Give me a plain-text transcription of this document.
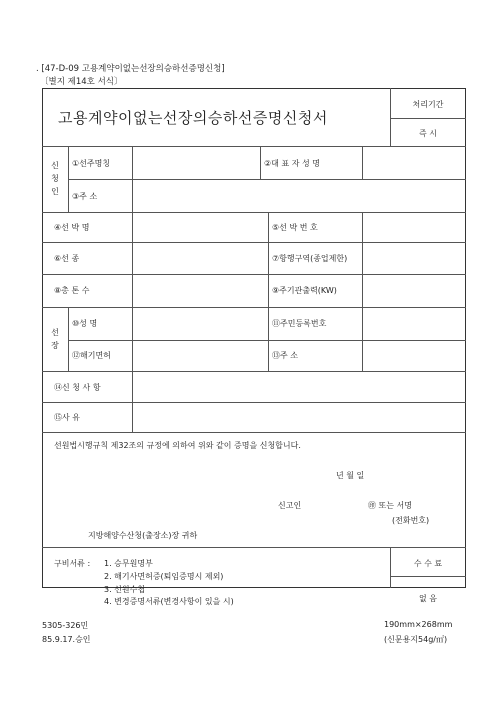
. [47-D-09 고용계약이없는선장의승하선증명신청]
〔별지 제14호 서식〕
고용계약이없는선장의승하선증명신청서
처리기간
즉 시
신청인
①선주명칭	②대 표 자 성 명
③주 소
④선 박 명	⑤선 박 번 호
⑥선 종	⑦항행구역(종업제한)
⑧총 톤 수	⑨주기관출력(KW)
선장
⑩성 명	⑪주민등록번호
⑫해기면허	⑬주 소
⑭신 청 사 항
⑮사 유
선원법시행규칙 제32조의 규정에 의하여 위와 같이 증명을 신청합니다.
년 월 일
신고인	㊞ 또는 서명
(전화번호)
지방해양수산청(출장소)장 귀하
구비서류 : 1. 승무원명부
2. 해기사면허증(퇴임증명시 제외)
3. 선원수첩
4. 변경증명서류(변경사항이 있을 시)
수 수 료
없 음
5305-326민
85.9.17.승인
190mm×268mm
(신문용지54g/㎡)
